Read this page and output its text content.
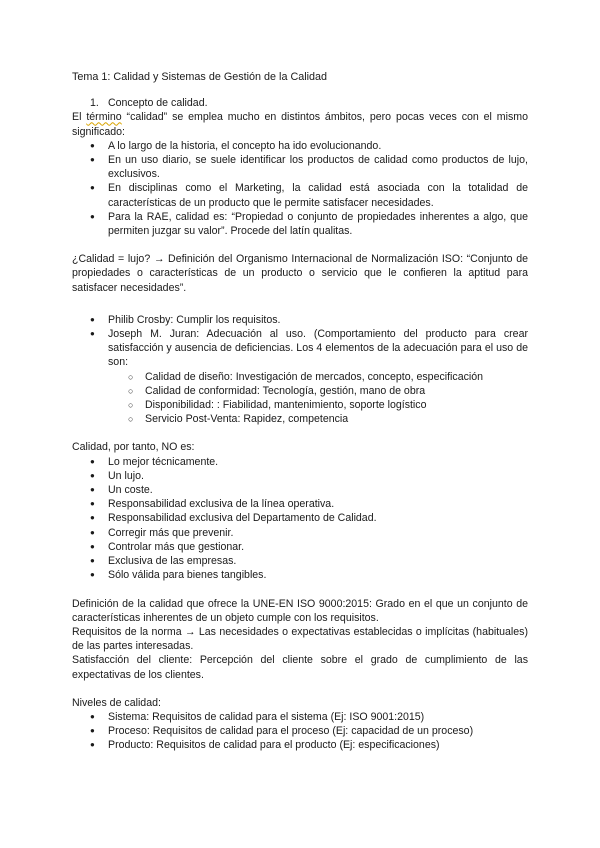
Tema 1: Calidad y Sistemas de Gestión de la Calidad
1. Concepto de calidad.

El término “calidad” se emplea mucho en distintos ámbitos, pero pocas veces con el mismo significado:

● A lo largo de la historia, el concepto ha ido evolucionando.
● En un uso diario, se suele identificar los productos de calidad como productos de lujo, exclusivos.
● En disciplinas como el Marketing, la calidad está asociada con la totalidad de características de un producto que le permite satisfacer necesidades.
● Para la RAE, calidad es: “Propiedad o conjunto de propiedades inherentes a algo, que permiten juzgar su valor”. Procede del latín qualitas.

¿Calidad = lujo? → Definición del Organismo Internacional de Normalización ISO: “Conjunto de propiedades o características de un producto o servicio que le confieren la aptitud para satisfacer necesidades”.

● Philib Crosby: Cumplir los requisitos.
● Joseph M. Juran: Adecuación al uso. (Comportamiento del producto para crear satisfacción y ausencia de deficiencias. Los 4 elementos de la adecuación para el uso de son:
○ Calidad de diseño: Investigación de mercados, concepto, especificación
○ Calidad de conformidad: Tecnología, gestión, mano de obra
○ Disponibilidad: : Fiabilidad, mantenimiento, soporte logístico
○ Servicio Post-Venta: Rapidez, competencia

Calidad, por tanto, NO es:

● Lo mejor técnicamente.
● Un lujo.
● Un coste.
● Responsabilidad exclusiva de la línea operativa.
● Responsabilidad exclusiva del Departamento de Calidad.
● Corregir más que prevenir.
● Controlar más que gestionar.
● Exclusiva de las empresas.
● Sólo válida para bienes tangibles.

Definición de la calidad que ofrece la UNE-EN ISO 9000:2015: Grado en el que un conjunto de características inherentes de un objeto cumple con los requisitos.

Requisitos de la norma → Las necesidades o expectativas establecidas o implícitas (habituales) de las partes interesadas.

Satisfacción del cliente: Percepción del cliente sobre el grado de cumplimiento de las expectativas de los clientes.

Niveles de calidad:

● Sistema: Requisitos de calidad para el sistema (Ej: ISO 9001:2015)
● Proceso: Requisitos de calidad para el proceso (Ej: capacidad de un proceso)
● Producto: Requisitos de calidad para el producto (Ej: especificaciones)
